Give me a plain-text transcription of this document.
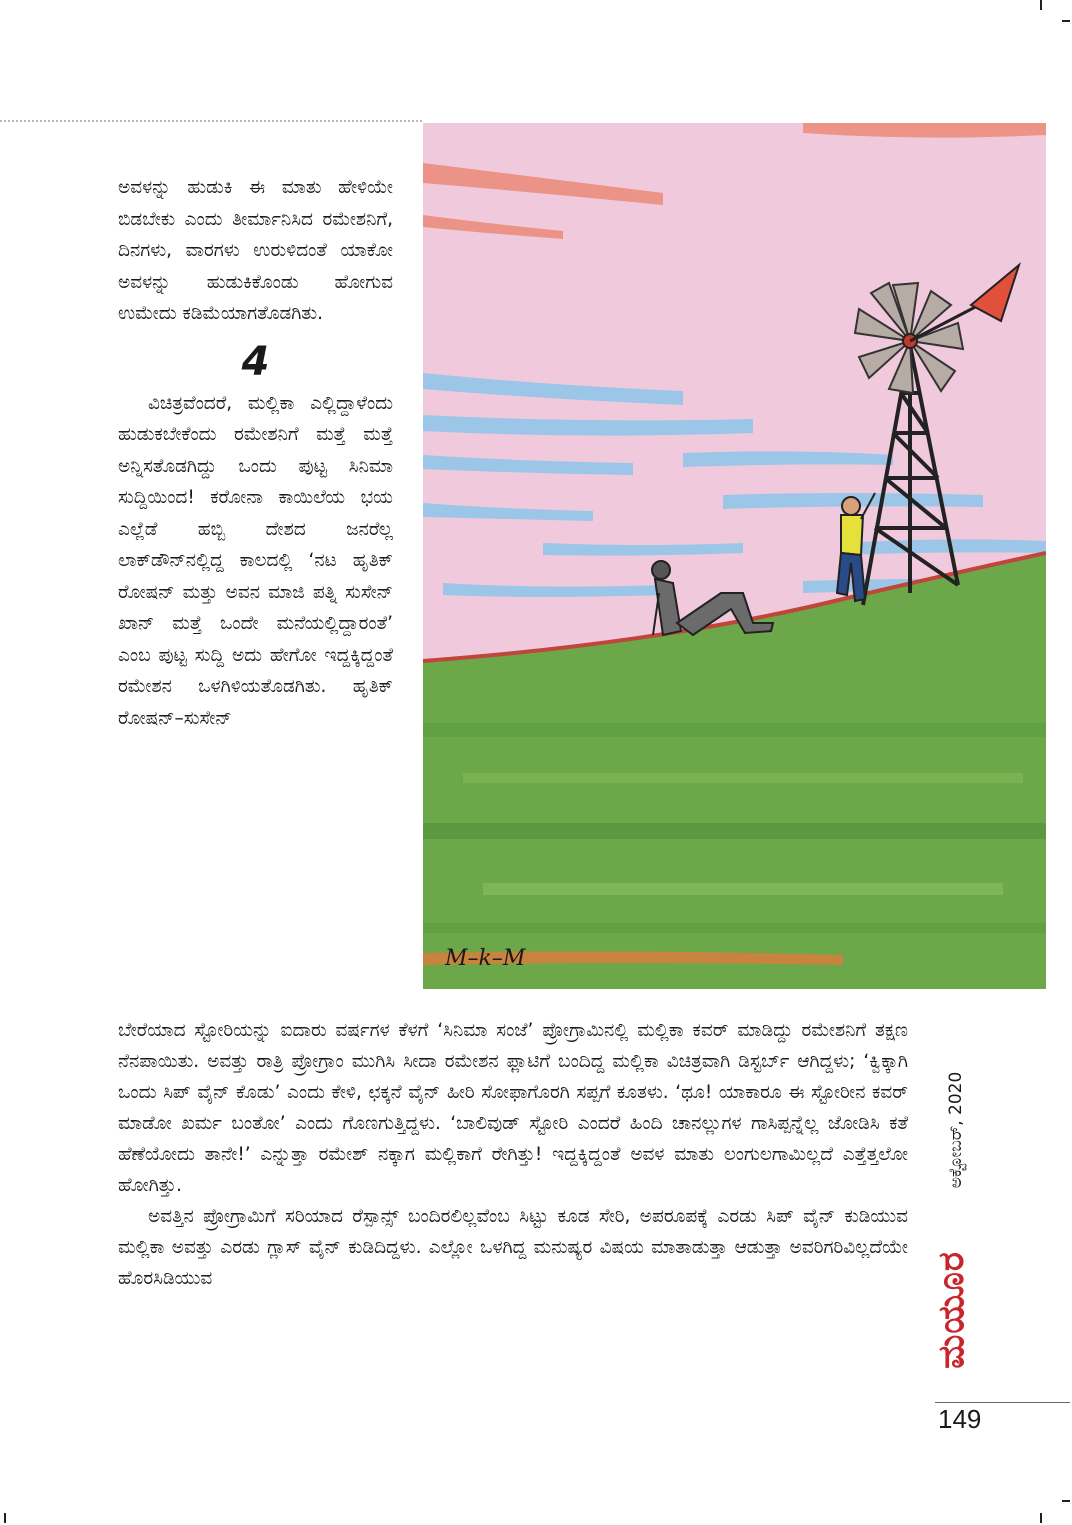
ಅವಳನ್ನು ಹುಡುಕಿ ಈ ಮಾತು ಹೇಳಿಯೇ ಬಿಡಬೇಕು ಎಂದು ತೀರ್ಮಾನಿಸಿದ ರಮೇಶನಿಗೆ, ದಿನಗಳು, ವಾರಗಳು ಉರುಳಿದಂತೆ ಯಾಕೋ ಅವಳನ್ನು ಹುಡುಕಿಕೊಂಡು ಹೋಗುವ ಉಮೇದು ಕಡಿಮೆಯಾಗತೊಡಗಿತು.

4

ವಿಚಿತ್ರವೆಂದರೆ, ಮಲ್ಲಿಕಾ ಎಲ್ಲಿದ್ದಾಳೆಂದು ಹುಡುಕಬೇಕೆಂದು ರಮೇಶನಿಗೆ ಮತ್ತೆ ಮತ್ತೆ ಅನ್ನಿಸತೊಡಗಿದ್ದು ಒಂದು ಪುಟ್ಟ ಸಿನಿಮಾ ಸುದ್ದಿಯಿಂದ! ಕರೋನಾ ಕಾಯಿಲೆಯ ಭಯ ಎಲ್ಲೆಡೆ ಹಬ್ಬಿ ದೇಶದ ಜನರೆಲ್ಲ ಲಾಕ್‌ಡೌನ್‌ನಲ್ಲಿದ್ದ ಕಾಲದಲ್ಲಿ ‘ನಟ ಹೃತಿಕ್ ರೋಷನ್ ಮತ್ತು ಅವನ ಮಾಜಿ ಪತ್ನಿ ಸುಸೇನ್ ಖಾನ್ ಮತ್ತೆ ಒಂದೇ ಮನೆಯಲ್ಲಿದ್ದಾರಂತೆ’ ಎಂಬ ಪುಟ್ಟ ಸುದ್ದಿ ಅದು ಹೇಗೋ ಇದ್ದಕ್ಕಿದ್ದಂತೆ ರಮೇಶನ ಒಳಗಿಳಿಯತೊಡಗಿತು. ಹೃತಿಕ್ ರೋಷನ್–ಸುಸೇನ್

M–k–M

ಬೇರೆಯಾದ ಸ್ಟೋರಿಯನ್ನು ಐದಾರು ವರ್ಷಗಳ ಕೆಳಗೆ ‘ಸಿನಿಮಾ ಸಂಜೆ’ ಪ್ರೋಗ್ರಾಮಿನಲ್ಲಿ ಮಲ್ಲಿಕಾ ಕವರ್ ಮಾಡಿದ್ದು ರಮೇಶನಿಗೆ ತಕ್ಷಣ ನೆನಪಾಯಿತು. ಅವತ್ತು ರಾತ್ರಿ ಪ್ರೋಗ್ರಾಂ ಮುಗಿಸಿ ಸೀದಾ ರಮೇಶನ ಫ್ಲಾಟಿಗೆ ಬಂದಿದ್ದ ಮಲ್ಲಿಕಾ ವಿಚಿತ್ರವಾಗಿ ಡಿಸ್ಟರ್ಬ್ ಆಗಿದ್ದಳು; ‘ಕ್ವಿಕ್ಕಾಗಿ ಒಂದು ಸಿಪ್ ವೈನ್ ಕೊಡು’ ಎಂದು ಕೇಳಿ, ಛಕ್ಕನೆ ವೈನ್ ಹೀರಿ ಸೋಫಾಗೊರಗಿ ಸಪ್ಪಗೆ ಕೂತಳು. ‘ಥೂ! ಯಾಕಾರೂ ಈ ಸ್ಟೋರೀನ ಕವರ್ ಮಾಡೋ ಖರ್ಮ ಬಂತೋ’ ಎಂದು ಗೊಣಗುತ್ತಿದ್ದಳು. ‘ಬಾಲಿವುಡ್ ಸ್ಟೋರಿ ಎಂದರೆ ಹಿಂದಿ ಚಾನಲ್ಲುಗಳ ಗಾಸಿಪ್ಪನ್ನೆಲ್ಲ ಜೋಡಿಸಿ ಕತೆ ಹೆಣೆಯೋದು ತಾನೇ!’ ಎನ್ನುತ್ತಾ ರಮೇಶ್ ನಕ್ಕಾಗ ಮಲ್ಲಿಕಾಗೆ ರೇಗಿತ್ತು! ಇದ್ದಕ್ಕಿದ್ದಂತೆ ಅವಳ ಮಾತು ಲಂಗುಲಗಾಮಿಲ್ಲದೆ ಎತ್ತೆತ್ತಲೋ ಹೋಗಿತ್ತು.

ಅವತ್ತಿನ ಪ್ರೋಗ್ರಾಮಿಗೆ ಸರಿಯಾದ ರೆಸ್ಪಾನ್ಸ್ ಬಂದಿರಲಿಲ್ಲವೆಂಬ ಸಿಟ್ಟು ಕೂಡ ಸೇರಿ, ಅಪರೂಪಕ್ಕೆ ಎರಡು ಸಿಪ್ ವೈನ್ ಕುಡಿಯುವ ಮಲ್ಲಿಕಾ ಅವತ್ತು ಎರಡು ಗ್ಲಾಸ್ ವೈನ್ ಕುಡಿದಿದ್ದಳು. ಎಲ್ಲೋ ಒಳಗಿದ್ದ ಮನುಷ್ಯರ ವಿಷಯ ಮಾತಾಡುತ್ತಾ ಆಡುತ್ತಾ ಅವರಿಗರಿವಿಲ್ಲದೆಯೇ ಹೊರಸಿಡಿಯುವ

ಅಕ್ಟೋಬರ್, 2020
ಮಯೂರ
149
